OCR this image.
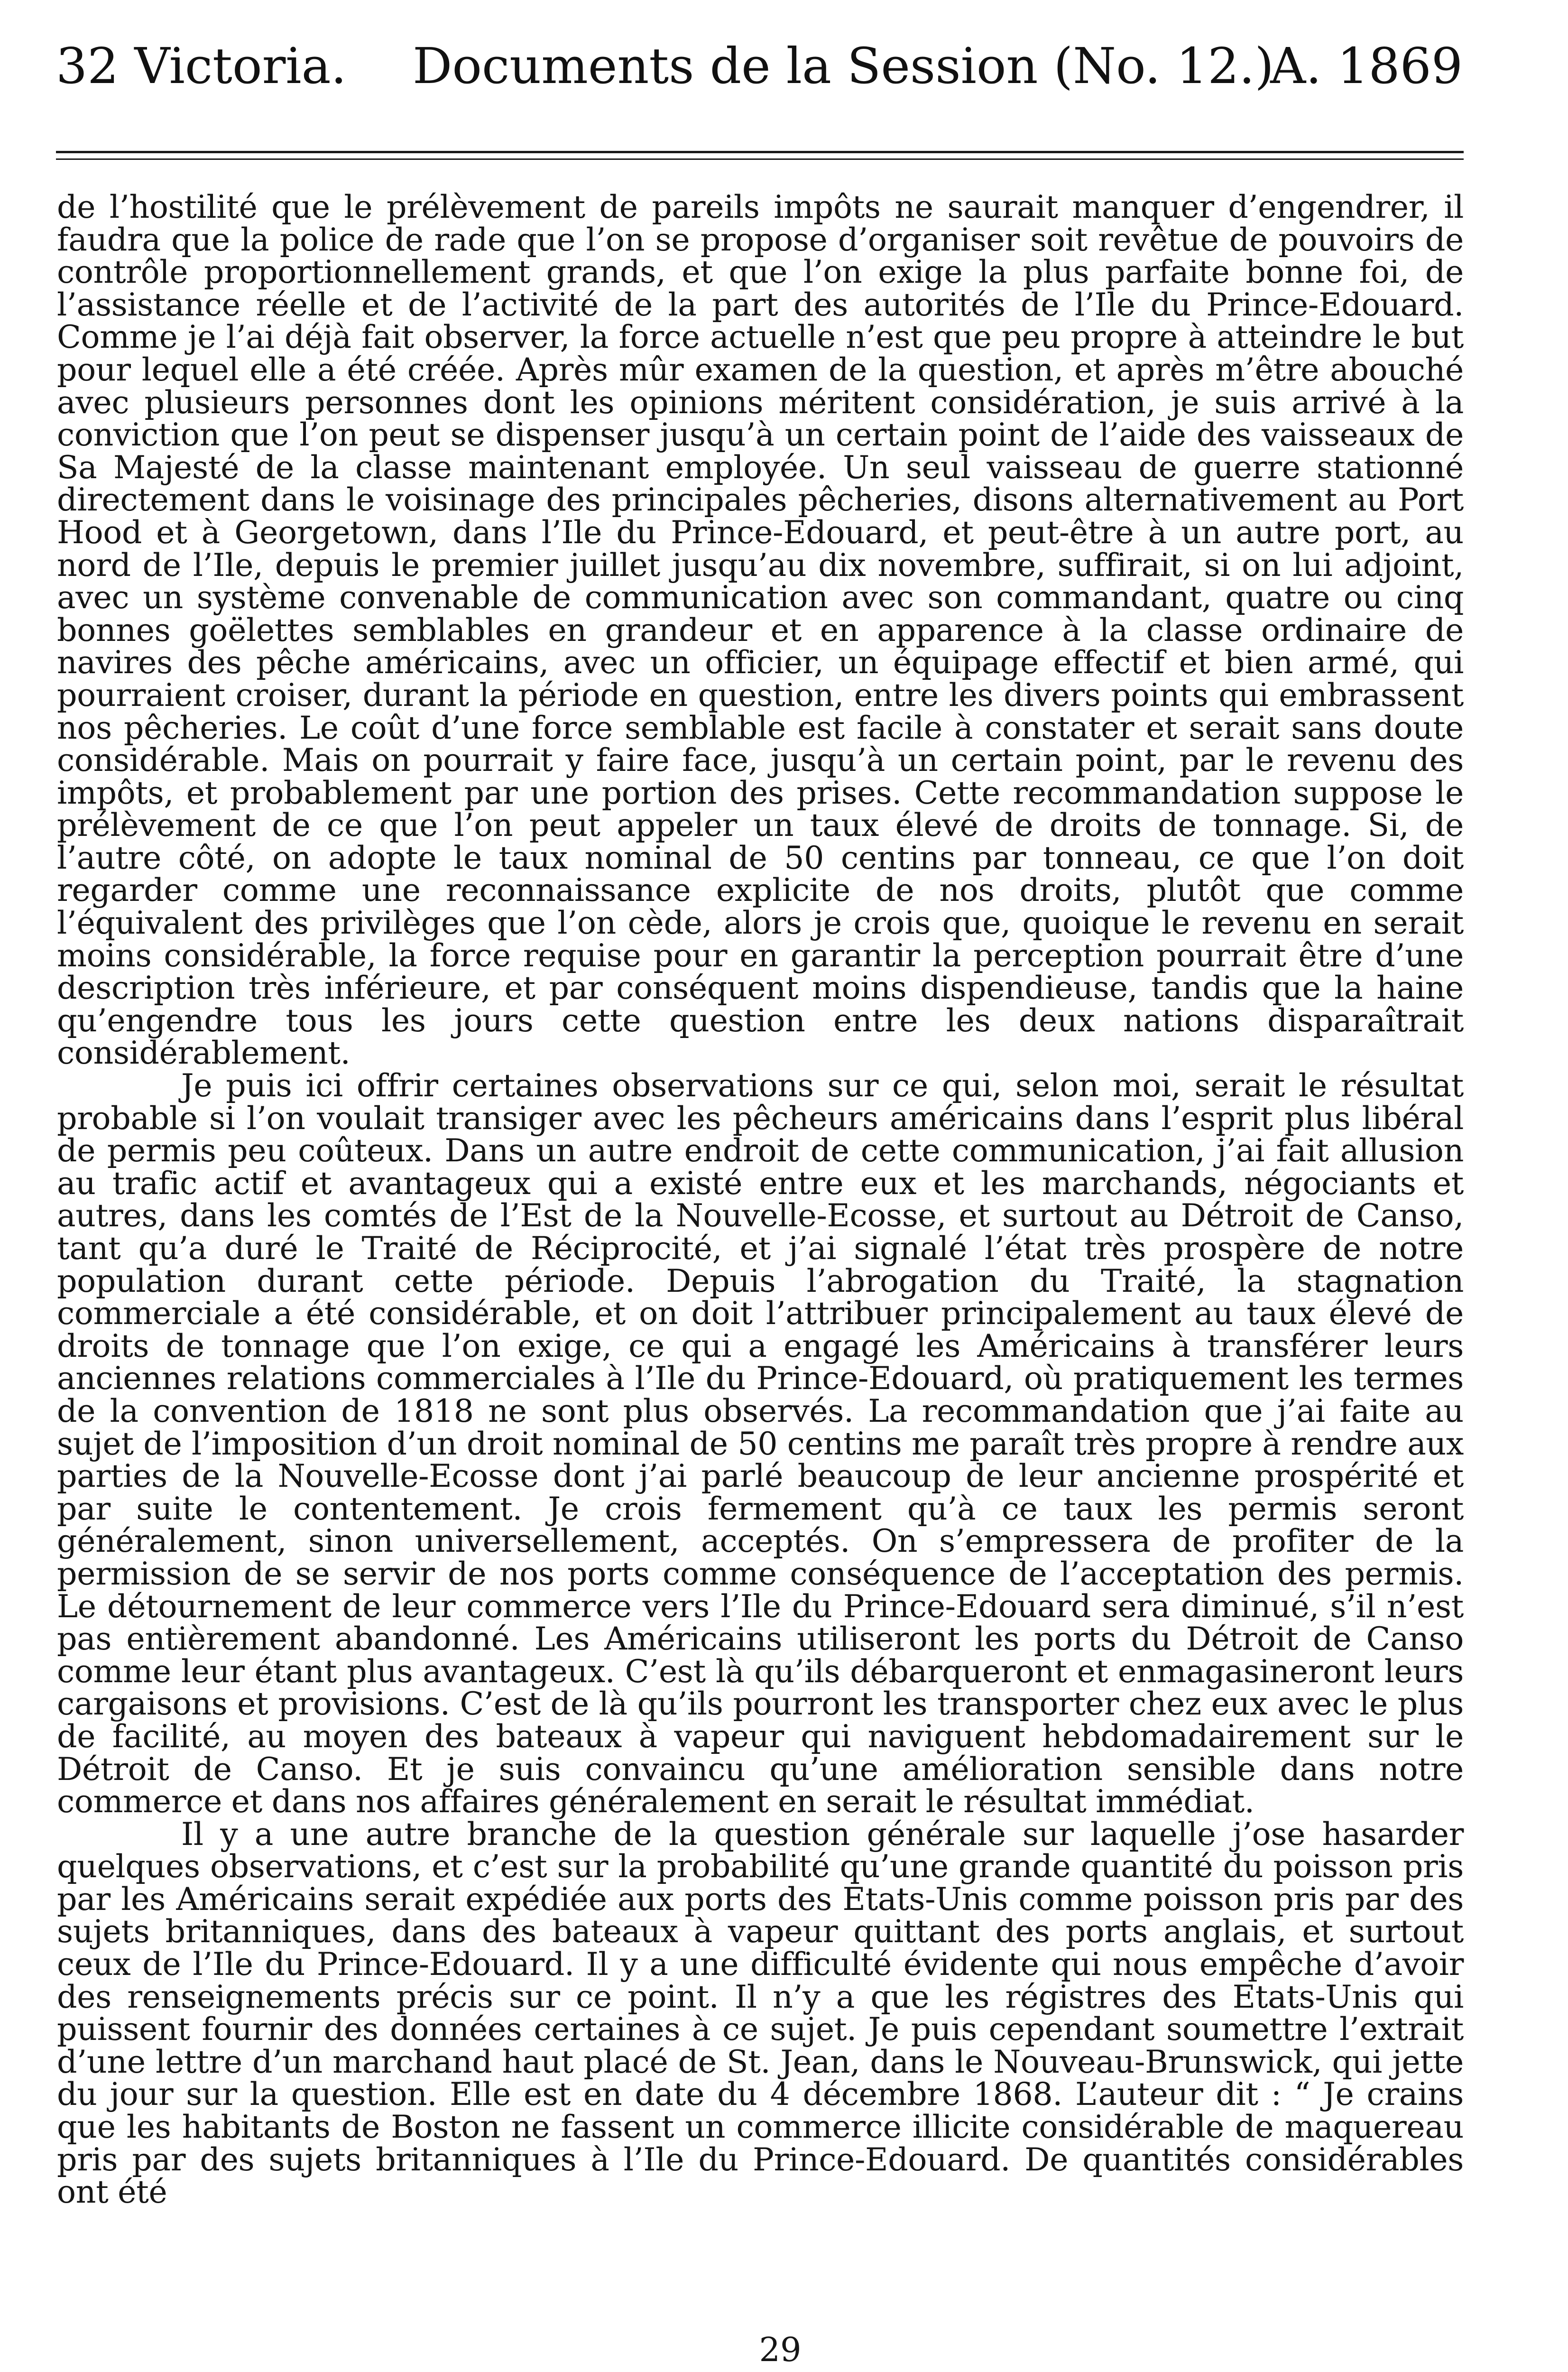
32 Victoria. Documents de la Session (No. 12.)
A. 1869

de l’hostilité que le prélèvement de pareils impôts ne saurait manquer d’engendrer, il faudra que la police de rade que l’on se propose d’organiser soit revêtue de pouvoirs de contrôle proportionnellement grands, et que l’on exige la plus parfaite bonne foi, de l’assistance réelle et de l’activité de la part des autorités de l’Ile du Prince-Edouard. Comme je l’ai déjà fait observer, la force actuelle n’est que peu propre à atteindre le but pour lequel elle a été créée. Après mûr examen de la question, et après m’être abouché avec plusieurs personnes dont les opinions méritent considération, je suis arrivé à la conviction que l’on peut se dispenser jusqu’à un certain point de l’aide des vaisseaux de Sa Majesté de la classe maintenant employée. Un seul vaisseau de guerre stationné directement dans le voisinage des principales pêcheries, disons alternativement au Port Hood et à Georgetown, dans l’Ile du Prince-Edouard, et peut-être à un autre port, au nord de l’Ile, depuis le premier juillet jusqu’au dix novembre, suffirait, si on lui adjoint, avec un système convenable de communication avec son commandant, quatre ou cinq bonnes goëlettes semblables en grandeur et en apparence à la classe ordinaire de navires des pêche américains, avec un officier, un équipage effectif et bien armé, qui pourraient croiser, durant la période en question, entre les divers points qui embrassent nos pêcheries. Le coût d’une force semblable est facile à constater et serait sans doute considérable. Mais on pourrait y faire face, jusqu’à un certain point, par le revenu des impôts, et probablement par une portion des prises. Cette recommandation suppose le prélèvement de ce que l’on peut appeler un taux élevé de droits de tonnage. Si, de l’autre côté, on adopte le taux nominal de 50 centins par tonneau, ce que l’on doit regarder comme une reconnaissance explicite de nos droits, plutôt que comme l’équivalent des privilèges que l’on cède, alors je crois que, quoique le revenu en serait moins considérable, la force requise pour en garantir la perception pourrait être d’une description très inférieure, et par conséquent moins dispendieuse, tandis que la haine qu’engendre tous les jours cette question entre les deux nations disparaîtrait considérablement.

Je puis ici offrir certaines observations sur ce qui, selon moi, serait le résultat probable si l’on voulait transiger avec les pêcheurs américains dans l’esprit plus libéral de permis peu coûteux. Dans un autre endroit de cette communication, j’ai fait allusion au trafic actif et avantageux qui a existé entre eux et les marchands, négociants et autres, dans les comtés de l’Est de la Nouvelle-Ecosse, et surtout au Détroit de Canso, tant qu’a duré le Traité de Réciprocité, et j’ai signalé l’état très prospère de notre population durant cette période. Depuis l’abrogation du Traité, la stagnation commerciale a été considérable, et on doit l’attribuer principalement au taux élevé de droits de tonnage que l’on exige, ce qui a engagé les Américains à transférer leurs anciennes relations commerciales à l’Ile du Prince-Edouard, où pratiquement les termes de la convention de 1818 ne sont plus observés. La recommandation que j’ai faite au sujet de l’imposition d’un droit nominal de 50 centins me paraît très propre à rendre aux parties de la Nouvelle-Ecosse dont j’ai parlé beaucoup de leur ancienne prospérité et par suite le contentement. Je crois fermement qu’à ce taux les permis seront généralement, sinon universellement, acceptés. On s’empressera de profiter de la permission de se servir de nos ports comme conséquence de l’acceptation des permis. Le détournement de leur commerce vers l’Ile du Prince-Edouard sera diminué, s’il n’est pas entièrement abandonné. Les Américains utiliseront les ports du Détroit de Canso comme leur étant plus avantageux. C’est là qu’ils débarqueront et enmagasineront leurs cargaisons et provisions. C’est de là qu’ils pourront les transporter chez eux avec le plus de facilité, au moyen des bateaux à vapeur qui naviguent hebdomadairement sur le Détroit de Canso. Et je suis convaincu qu’une amélioration sensible dans notre commerce et dans nos affaires généralement en serait le résultat immédiat.

Il y a une autre branche de la question générale sur laquelle j’ose hasarder quelques observations, et c’est sur la probabilité qu’une grande quantité du poisson pris par les Américains serait expédiée aux ports des Etats-Unis comme poisson pris par des sujets britanniques, dans des bateaux à vapeur quittant des ports anglais, et surtout ceux de l’Ile du Prince-Edouard. Il y a une difficulté évidente qui nous empêche d’avoir des renseignements précis sur ce point. Il n’y a que les régistres des Etats-Unis qui puissent fournir des données certaines à ce sujet. Je puis cependant soumettre l’extrait d’une lettre d’un marchand haut placé de St. Jean, dans le Nouveau-Brunswick, qui jette du jour sur la question. Elle est en date du 4 décembre 1868. L’auteur dit : “ Je crains que les habitants de Boston ne fassent un commerce illicite considérable de maquereau pris par des sujets britanniques à l’Ile du Prince-Edouard. De quantités considérables ont été

29
